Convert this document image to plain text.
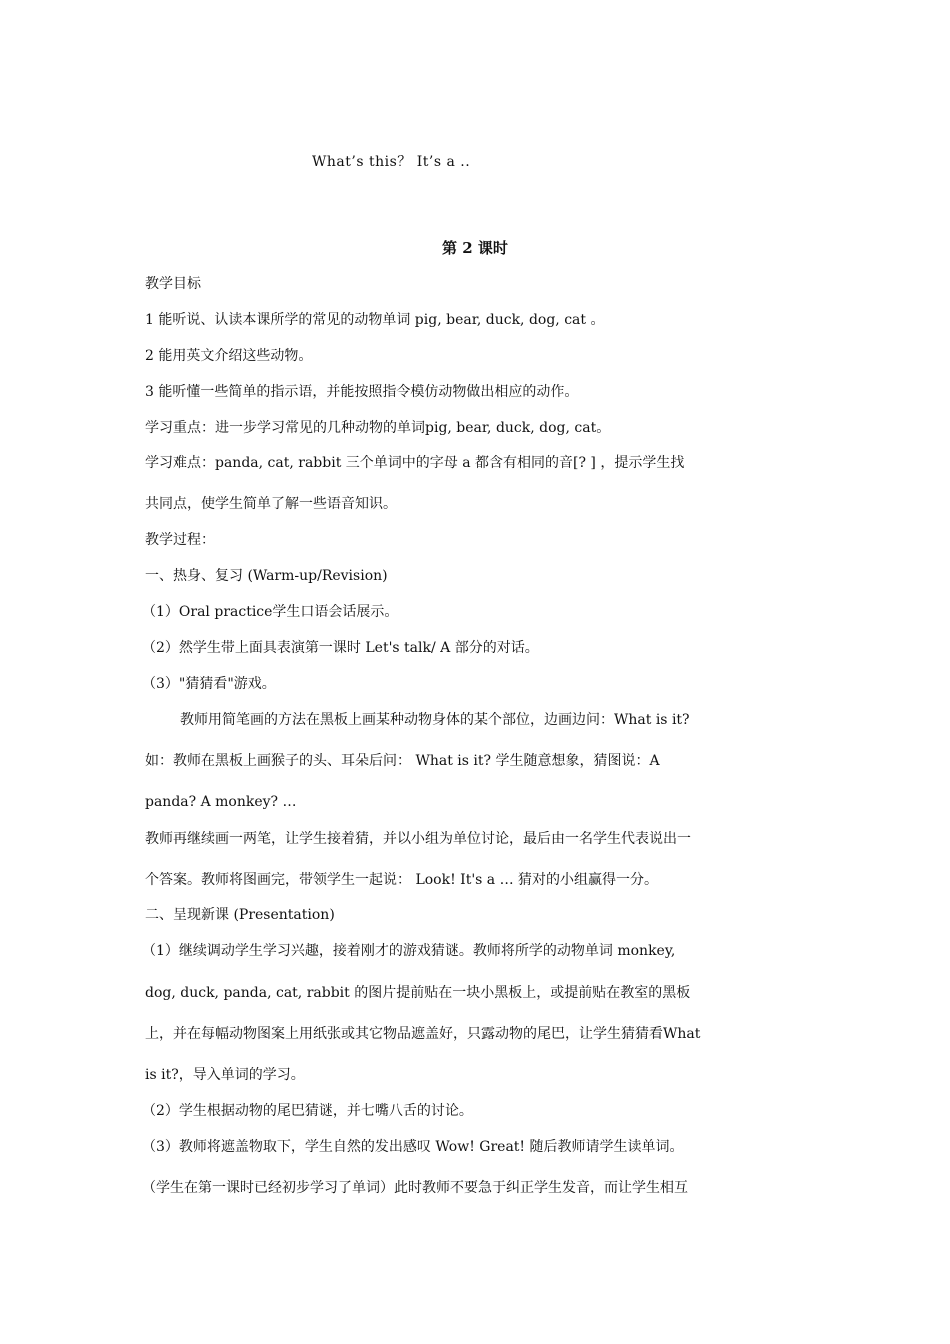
What’s this？ It’s a ..
第 2 课时
教学目标
1 能听说、认读本课所学的常见的动物单词 pig, bear, duck, dog, cat 。
2 能用英文介绍这些动物。
3 能听懂一些简单的指示语，并能按照指令模仿动物做出相应的动作。
学习重点：进一步学习常见的几种动物的单词pig, bear, duck, dog, cat。
学习难点：panda, cat, rabbit 三个单词中的字母 a 都含有相同的音[? ] ，提示学生找
共同点，使学生简单了解一些语音知识。
教学过程：
一、热身、复习 (Warm-up/Revision)
（1）Oral practice学生口语会话展示。
（2）然学生带上面具表演第一课时 Let's talk/ A 部分的对话。
（3）"猜猜看"游戏。
教师用简笔画的方法在黑板上画某种动物身体的某个部位，边画边问：What is it?
如：教师在黑板上画猴子的头、耳朵后问： What is it? 学生随意想象，猜图说：A
panda? A monkey? …
教师再继续画一两笔，让学生接着猜，并以小组为单位讨论，最后由一名学生代表说出一
个答案。教师将图画完，带领学生一起说： Look! It's a … 猜对的小组赢得一分。
二、呈现新课 (Presentation)
（1）继续调动学生学习兴趣，接着刚才的游戏猜谜。教师将所学的动物单词 monkey,
dog, duck, panda, cat, rabbit 的图片提前贴在一块小黑板上，或提前贴在教室的黑板
上，并在每幅动物图案上用纸张或其它物品遮盖好，只露动物的尾巴，让学生猜猜看What
is it?，导入单词的学习。
（2）学生根据动物的尾巴猜谜，并七嘴八舌的讨论。
（3）教师将遮盖物取下，学生自然的发出感叹 Wow! Great! 随后教师请学生读单词。
（学生在第一课时已经初步学习了单词）此时教师不要急于纠正学生发音，而让学生相互
